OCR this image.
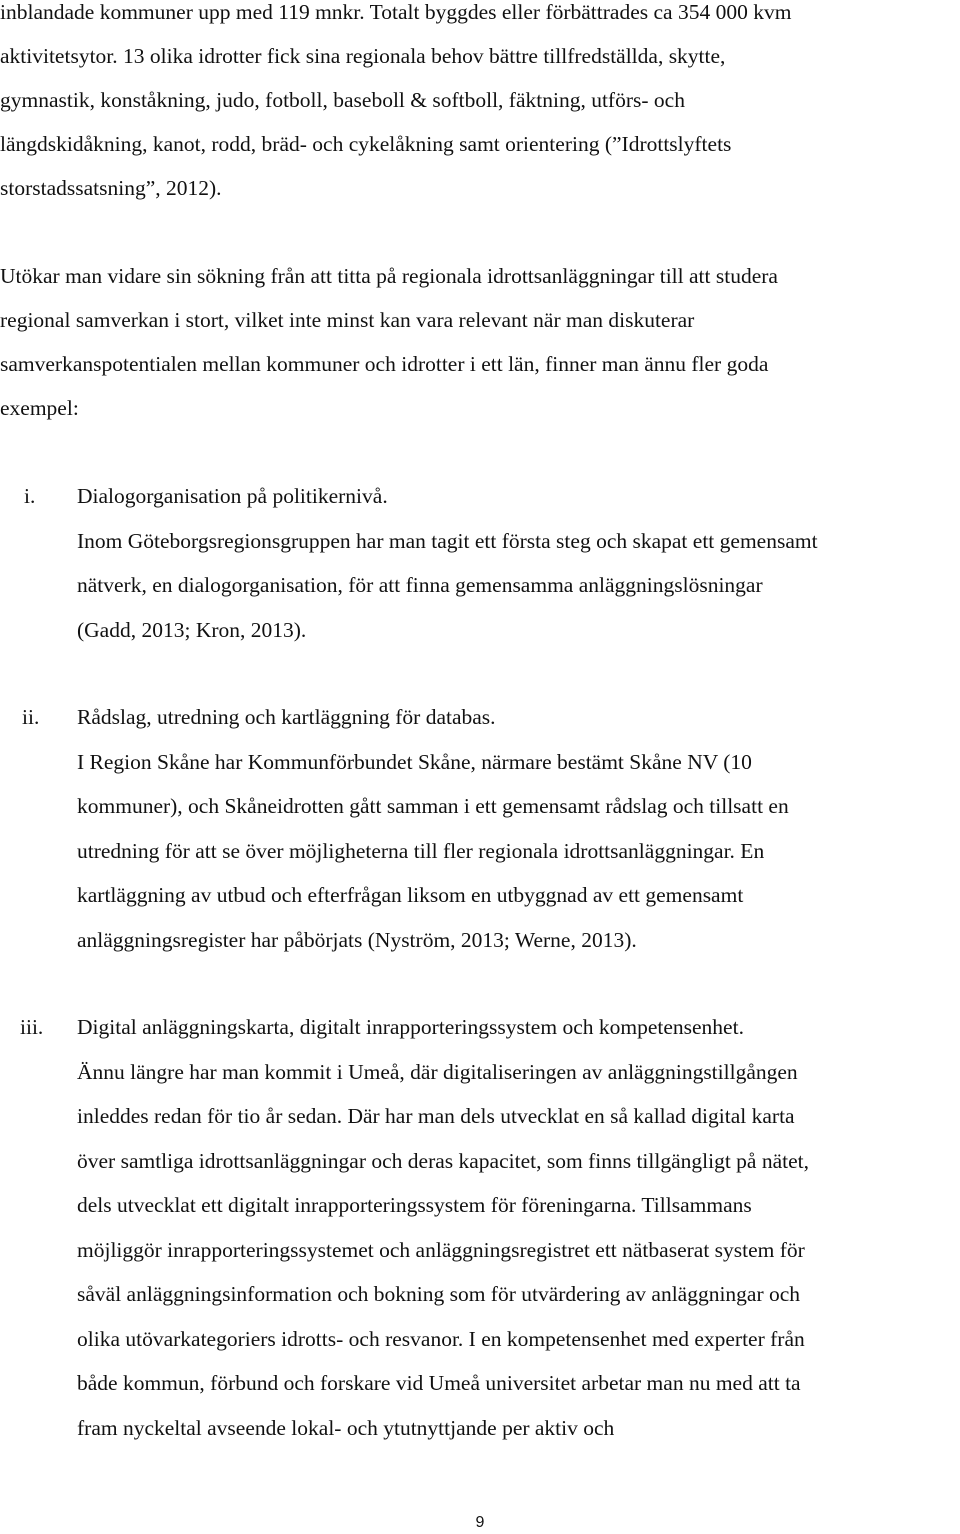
inblandade kommuner upp med 119 mnkr. Totalt byggdes eller förbättrades ca 354 000 kvm
aktivitetsytor. 13 olika idrotter fick sina regionala behov bättre tillfredställda, skytte,
gymnastik, konståkning, judo, fotboll, baseboll & softboll, fäktning, utförs- och
längdskidåkning, kanot, rodd, bräd- och cykelåkning samt orientering (”Idrottslyftets
storstadssatsning”, 2012).
Utökar man vidare sin sökning från att titta på regionala idrottsanläggningar till att studera
regional samverkan i stort, vilket inte minst kan vara relevant när man diskuterar
samverkanspotentialen mellan kommuner och idrotter i ett län, finner man ännu fler goda
exempel:
i. Dialogorganisation på politikernivå.
Inom Göteborgsregionsgruppen har man tagit ett första steg och skapat ett gemensamt
nätverk, en dialogorganisation, för att finna gemensamma anläggningslösningar
(Gadd, 2013; Kron, 2013).
ii. Rådslag, utredning och kartläggning för databas.
I Region Skåne har Kommunförbundet Skåne, närmare bestämt Skåne NV (10
kommuner), och Skåneidrotten gått samman i ett gemensamt rådslag och tillsatt en
utredning för att se över möjligheterna till fler regionala idrottsanläggningar. En
kartläggning av utbud och efterfrågan liksom en utbyggnad av ett gemensamt
anläggningsregister har påbörjats (Nyström, 2013; Werne, 2013).
iii. Digital anläggningskarta, digitalt inrapporteringssystem och kompetensenhet.
Ännu längre har man kommit i Umeå, där digitaliseringen av anläggningstillgången
inleddes redan för tio år sedan. Där har man dels utvecklat en så kallad digital karta
över samtliga idrottsanläggningar och deras kapacitet, som finns tillgängligt på nätet,
dels utvecklat ett digitalt inrapporteringssystem för föreningarna. Tillsammans
möjliggör inrapporteringssystemet och anläggningsregistret ett nätbaserat system för
såväl anläggningsinformation och bokning som för utvärdering av anläggningar och
olika utövarkategoriers idrotts- och resvanor. I en kompetensenhet med experter från
både kommun, förbund och forskare vid Umeå universitet arbetar man nu med att ta
fram nyckeltal avseende lokal- och ytutnyttjande per aktiv och
9
